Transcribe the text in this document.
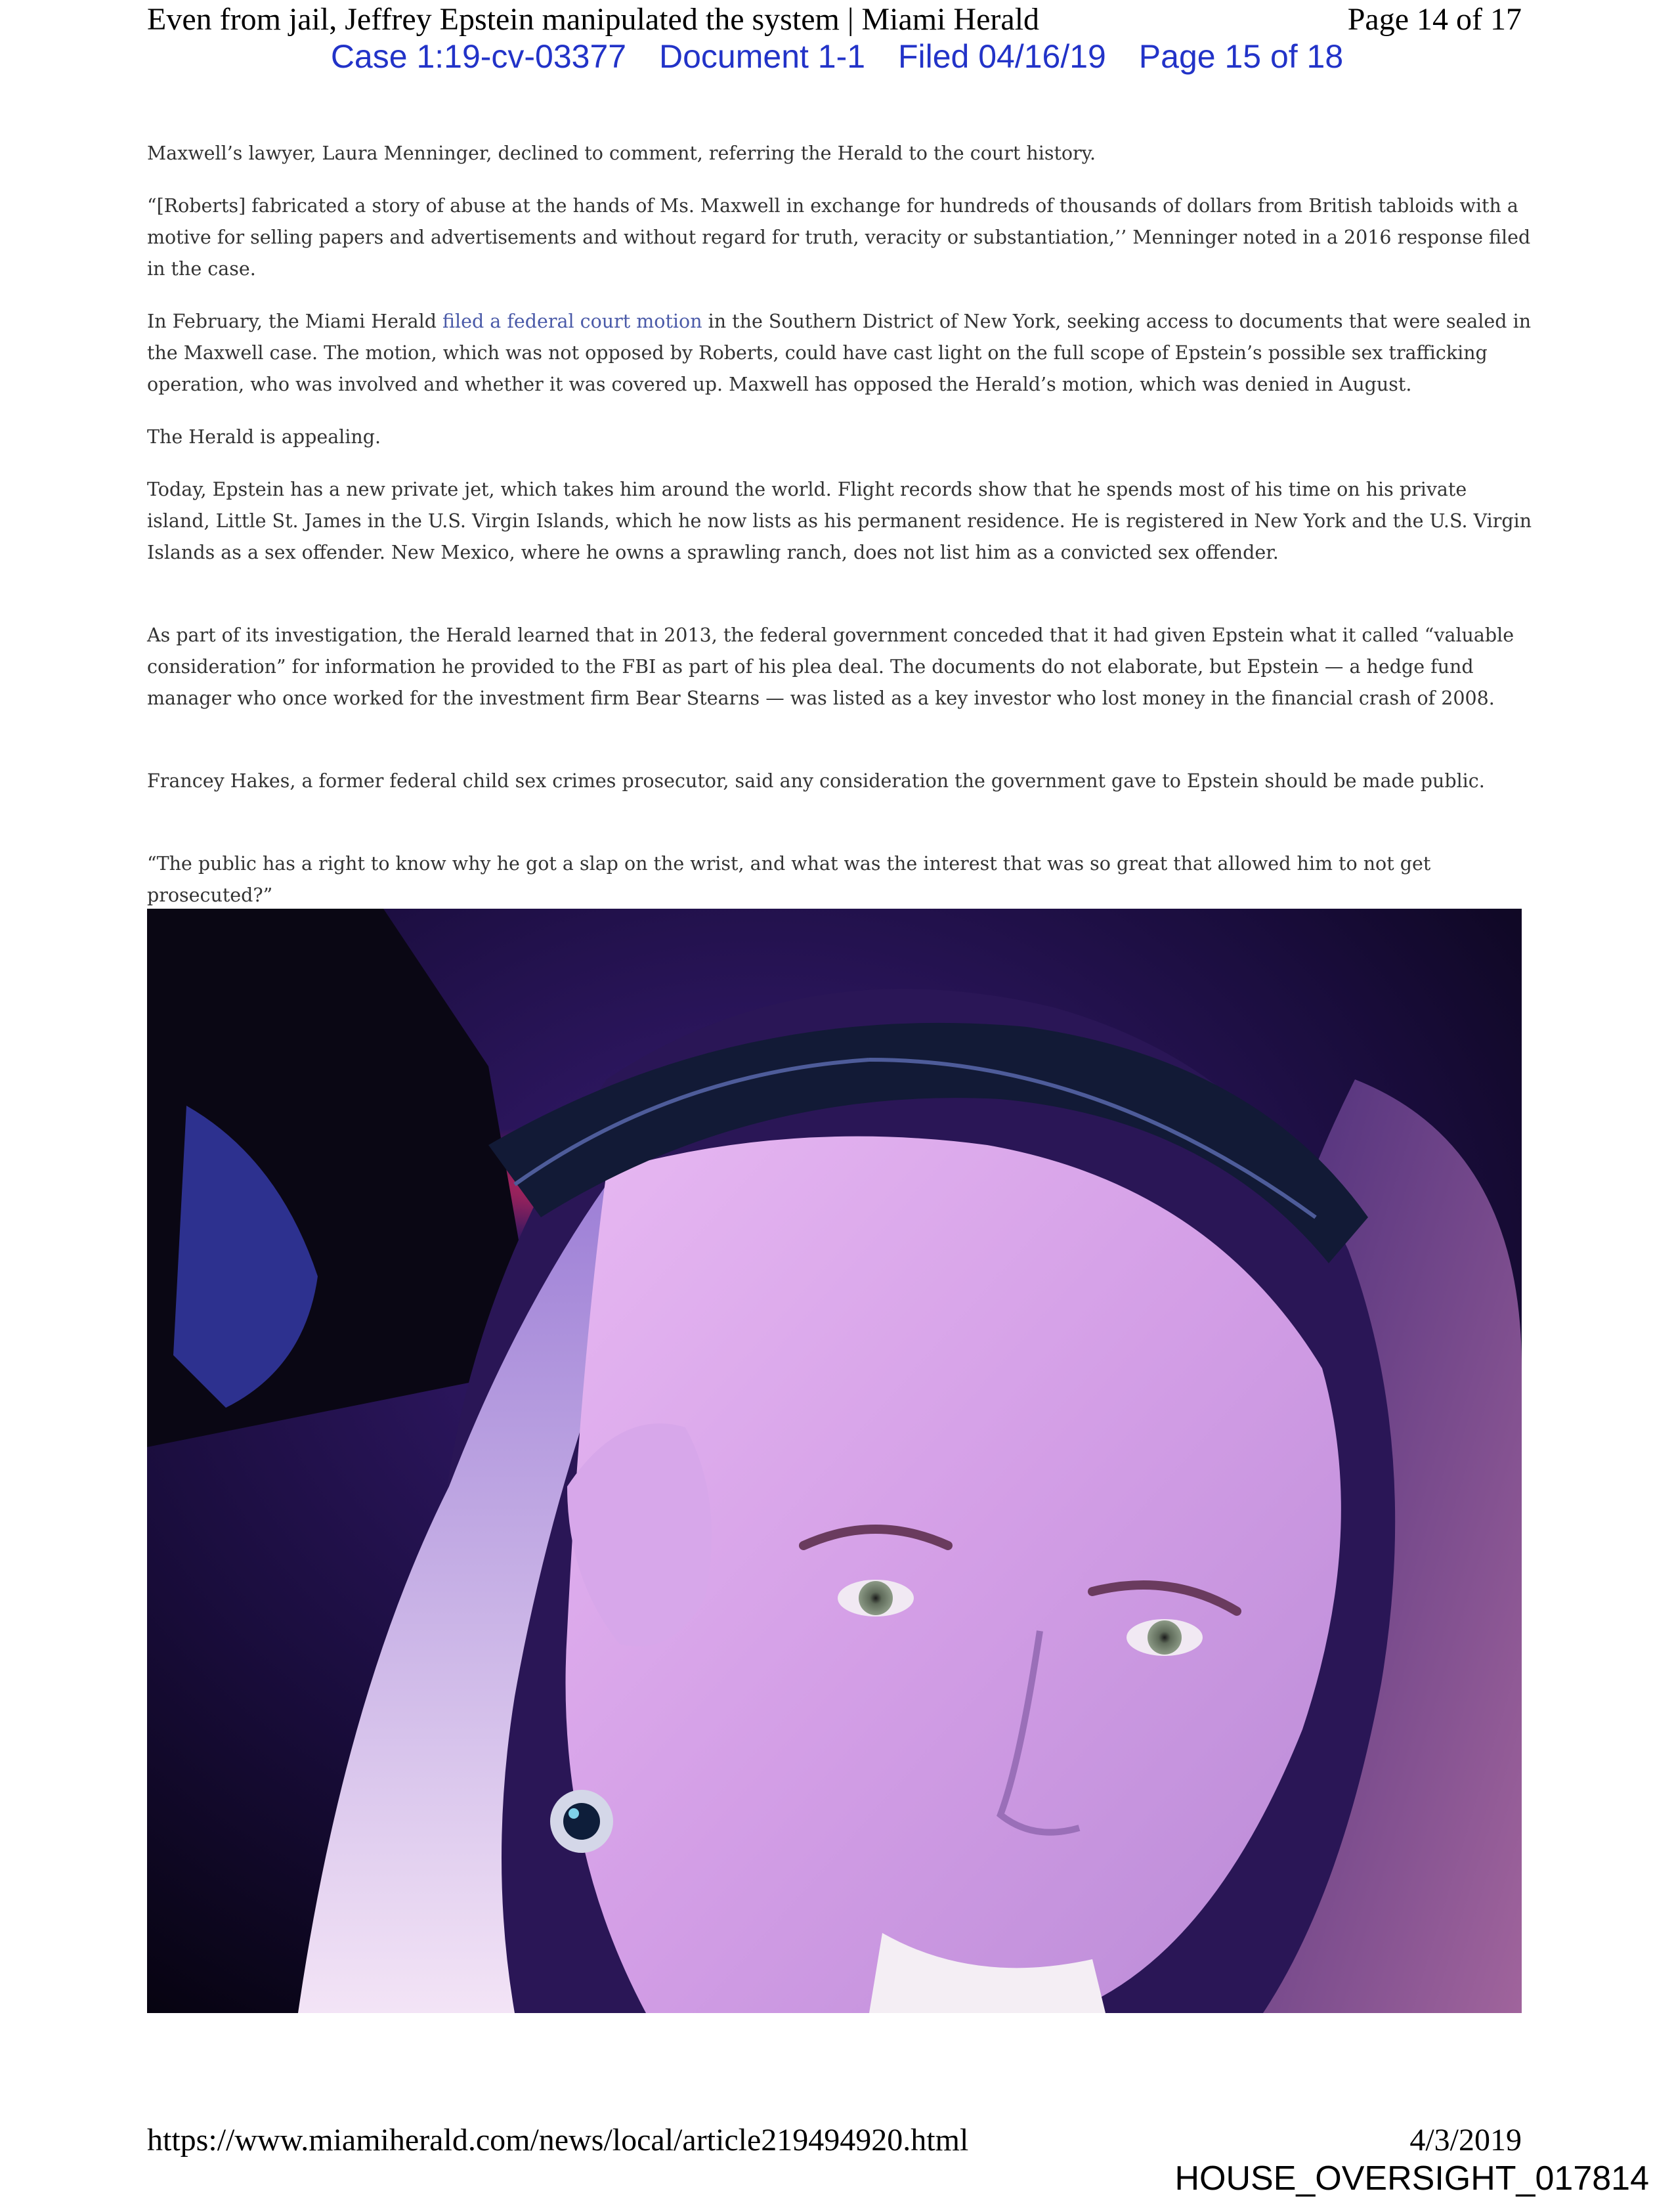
Even from jail, Jeffrey Epstein manipulated the system | Miami Herald	Page 14 of 17
Case 1:19-cv-03377 Document 1-1 Filed 04/16/19 Page 15 of 18

Maxwell’s lawyer, Laura Menninger, declined to comment, referring the Herald to the court history.

“[Roberts] fabricated a story of abuse at the hands of Ms. Maxwell in exchange for hundreds of thousands of dollars from British tabloids with a motive for selling papers and advertisements and without regard for truth, veracity or substantiation,’’ Menninger noted in a 2016 response filed in the case.

In February, the Miami Herald filed a federal court motion in the Southern District of New York, seeking access to documents that were sealed in the Maxwell case. The motion, which was not opposed by Roberts, could have cast light on the full scope of Epstein’s possible sex trafficking operation, who was involved and whether it was covered up. Maxwell has opposed the Herald’s motion, which was denied in August.

The Herald is appealing.

Today, Epstein has a new private jet, which takes him around the world. Flight records show that he spends most of his time on his private island, Little St. James in the U.S. Virgin Islands, which he now lists as his permanent residence. He is registered in New York and the U.S. Virgin Islands as a sex offender. New Mexico, where he owns a sprawling ranch, does not list him as a convicted sex offender.

As part of its investigation, the Herald learned that in 2013, the federal government conceded that it had given Epstein what it called “valuable consideration” for information he provided to the FBI as part of his plea deal. The documents do not elaborate, but Epstein — a hedge fund manager who once worked for the investment firm Bear Stearns — was listed as a key investor who lost money in the financial crash of 2008.

Francey Hakes, a former federal child sex crimes prosecutor, said any consideration the government gave to Epstein should be made public.

“The public has a right to know why he got a slap on the wrist, and what was the interest that was so great that allowed him to not get prosecuted?”

https://www.miamiherald.com/news/local/article219494920.html	4/3/2019
HOUSE_OVERSIGHT_017814
